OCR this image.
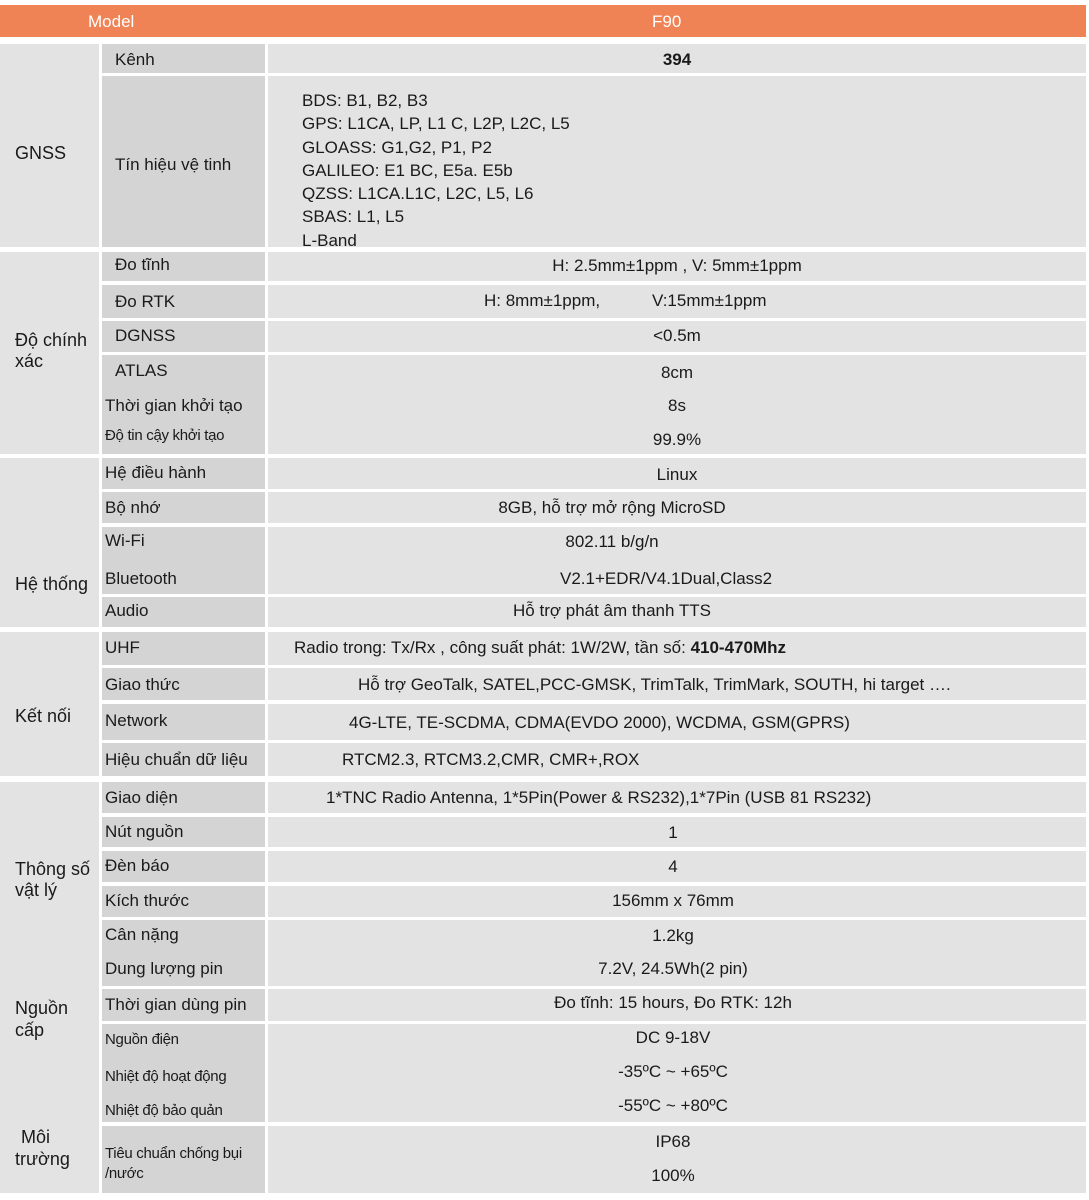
Model	F90
GNSS
Độ chính
xác
Hệ thống
Kết nối
Thông số
vật lý
Nguồn
cấp
Môi
trường
Kênh
Tín hiệu vệ tinh
Đo tĩnh
Đo RTK
DGNSS
ATLAS
Thời gian khởi tạo
Độ tin cậy khởi tạo
Hệ điều hành
Bộ nhớ
Wi-Fi
Bluetooth
Audio
UHF
Giao thức
Network
Hiệu chuẩn dữ liệu
Giao diện
Nút nguồn
Đèn báo
Kích thước
Cân nặng
Dung lượng pin
Thời gian dùng pin
Nguồn điện
Nhiệt độ hoạt động
Nhiệt độ bảo quản
Tiêu chuẩn chống bụi
/nước
394
BDS: B1, B2, B3
GPS: L1CA, LP, L1 C, L2P, L2C, L5
GLOASS: G1,G2, P1, P2
GALILEO: E1 BC, E5a. E5b
QZSS: L1CA.L1C, L2C, L5, L6
SBAS: L1, L5
L-Band
H: 2.5mm±1ppm , V: 5mm±1ppm
H: 8mm±1ppm,	V:15mm±1ppm
<0.5m
8cm
8s
99.9%
Linux
8GB, hỗ trợ mở rộng MicroSD
802.11 b/g/n
V2.1+EDR/V4.1Dual,Class2
Hỗ trợ phát âm thanh TTS
Radio trong: Tx/Rx , công suất phát: 1W/2W, tần số: 410-470Mhz
Hỗ trợ GeoTalk, SATEL,PCC-GMSK, TrimTalk, TrimMark, SOUTH, hi target ….
4G-LTE, TE-SCDMA, CDMA(EVDO 2000), WCDMA, GSM(GPRS)
RTCM2.3, RTCM3.2,CMR, CMR+,ROX
1*TNC Radio Antenna, 1*5Pin(Power & RS232),1*7Pin (USB 81 RS232)
1
4
156mm x 76mm
1.2kg
7.2V, 24.5Wh(2 pin)
Đo tĩnh: 15 hours, Đo RTK: 12h
DC 9-18V
-35ºC ~ +65ºC
-55ºC ~ +80ºC
IP68
100%
